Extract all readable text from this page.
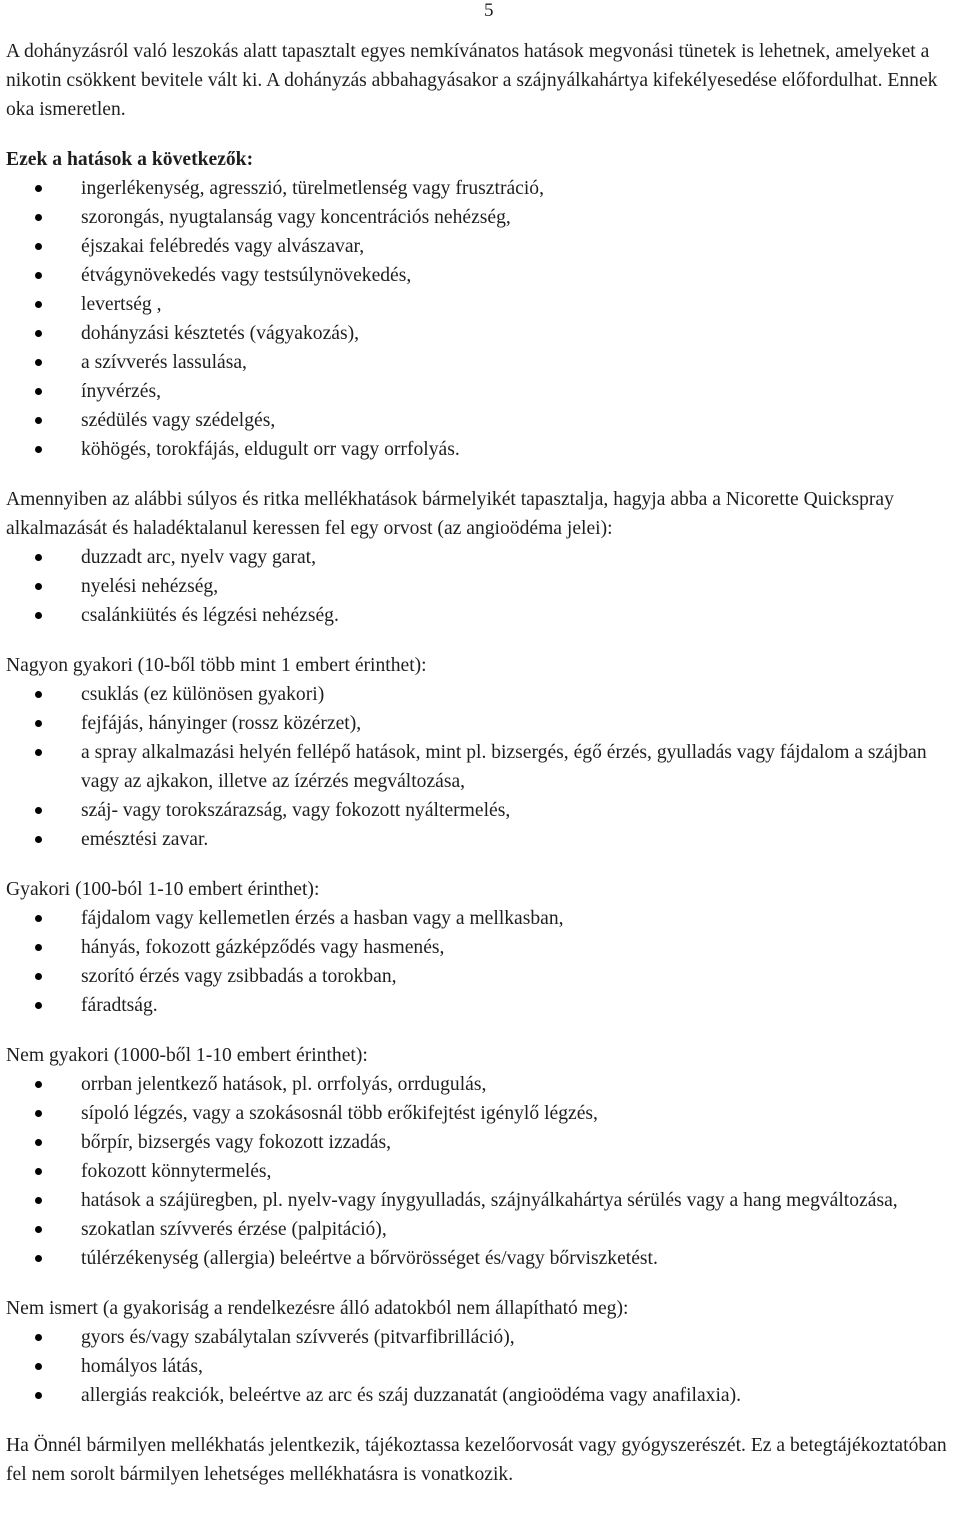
5

A dohányzásról való leszokás alatt tapasztalt egyes nemkívánatos hatások megvonási tünetek is lehetnek, amelyeket a nikotin csökkent bevitele vált ki. A dohányzás abbahagyásakor a szájnyálkahártya kifekélyesedése előfordulhat. Ennek oka ismeretlen.

Ezek a hatások a következők:

ingerlékenység, agresszió, türelmetlenség vagy frusztráció,
szorongás, nyugtalanság vagy koncentrációs nehézség,
éjszakai felébredés vagy alvászavar,
étvágynövekedés vagy testsúlynövekedés,
levertség ,
dohányzási késztetés (vágyakozás),
a szívverés lassulása,
ínyvérzés,
szédülés vagy szédelgés,
köhögés, torokfájás, eldugult orr vagy orrfolyás.

Amennyiben az alábbi súlyos és ritka mellékhatások bármelyikét tapasztalja, hagyja abba a Nicorette Quickspray alkalmazását és haladéktalanul keressen fel egy orvost (az angioödéma jelei):

duzzadt arc, nyelv vagy garat,
nyelési nehézség,
csalánkiütés és légzési nehézség.

Nagyon gyakori (10-ből több mint 1 embert érinthet):

csuklás (ez különösen gyakori)
fejfájás, hányinger (rossz közérzet),
a spray alkalmazási helyén fellépő hatások, mint pl. bizsergés, égő érzés, gyulladás vagy fájdalom a szájban vagy az ajkakon, illetve az ízérzés megváltozása,
száj- vagy torokszárazság, vagy fokozott nyáltermelés,
emésztési zavar.

Gyakori (100-ból 1-10 embert érinthet):

fájdalom vagy kellemetlen érzés a hasban vagy a mellkasban,
hányás, fokozott gázképződés vagy hasmenés,
szorító érzés vagy zsibbadás a torokban,
fáradtság.

Nem gyakori (1000-ből 1-10 embert érinthet):

orrban jelentkező hatások, pl. orrfolyás, orrdugulás,
sípoló légzés, vagy a szokásosnál több erőkifejtést igénylő légzés,
bőrpír, bizsergés vagy fokozott izzadás,
fokozott könnytermelés,
hatások a szájüregben, pl. nyelv-vagy ínygyulladás, szájnyálkahártya sérülés vagy a hang megváltozása,
szokatlan szívverés érzése (palpitáció),
túlérzékenység (allergia) beleértve a bőrvörösséget és/vagy bőrviszketést.

Nem ismert (a gyakoriság a rendelkezésre álló adatokból nem állapítható meg):

gyors és/vagy szabálytalan szívverés (pitvarfibrilláció),
homályos látás,
allergiás reakciók, beleértve az arc és száj duzzanatát (angioödéma vagy anafilaxia).

Ha Önnél bármilyen mellékhatás jelentkezik, tájékoztassa kezelőorvosát vagy gyógyszerészét. Ez a betegtájékoztatóban fel nem sorolt bármilyen lehetséges mellékhatásra is vonatkozik.
